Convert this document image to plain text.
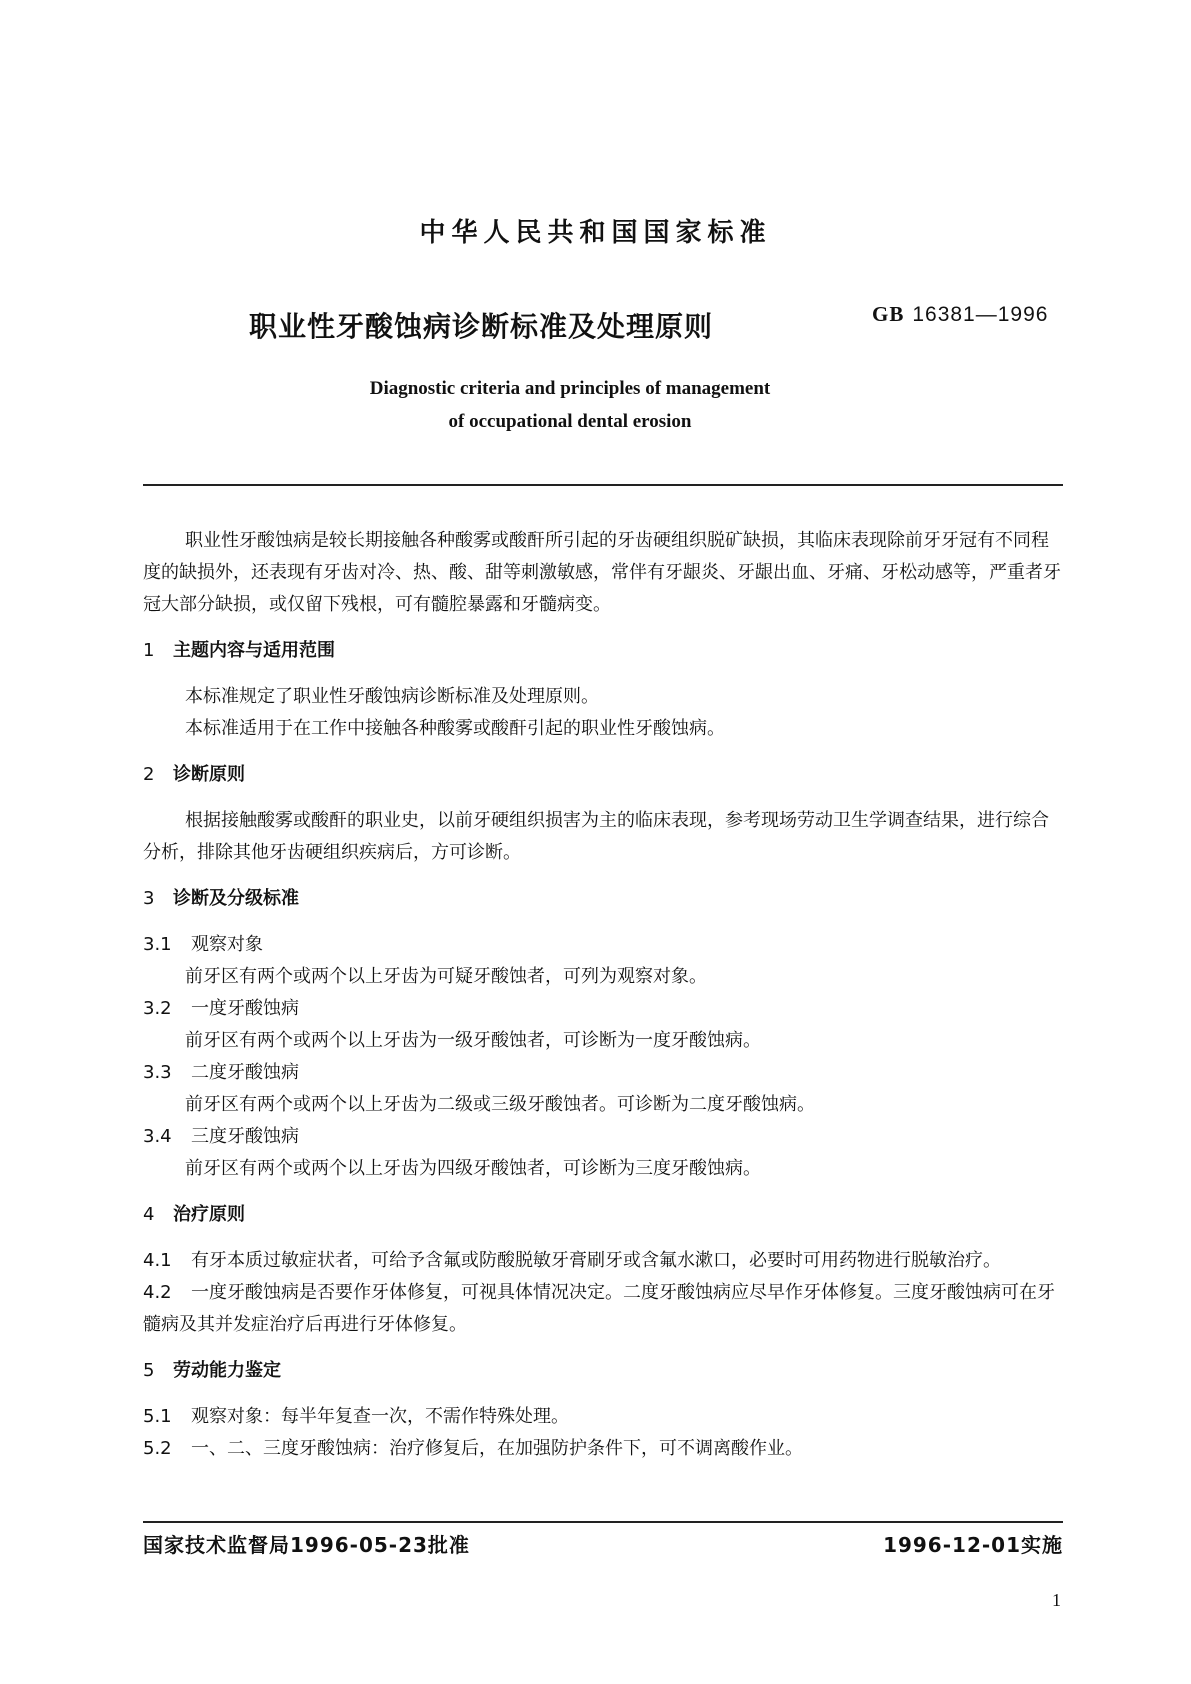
中华人民共和国国家标准
职业性牙酸蚀病诊断标准及处理原则	GB 16381—1996
Diagnostic criteria and principles of management
of occupational dental erosion

职业性牙酸蚀病是较长期接触各种酸雾或酸酐所引起的牙齿硬组织脱矿缺损，其临床表现除前牙牙冠有不同程度的缺损外，还表现有牙齿对冷、热、酸、甜等刺激敏感，常伴有牙龈炎、牙龈出血、牙痛、牙松动感等，严重者牙冠大部分缺损，或仅留下残根，可有髓腔暴露和牙髓病变。

1 主题内容与适用范围

本标准规定了职业性牙酸蚀病诊断标准及处理原则。

本标准适用于在工作中接触各种酸雾或酸酐引起的职业性牙酸蚀病。

2 诊断原则

根据接触酸雾或酸酐的职业史，以前牙硬组织损害为主的临床表现，参考现场劳动卫生学调查结果，进行综合分析，排除其他牙齿硬组织疾病后，方可诊断。

3 诊断及分级标准

3.1 观察对象

前牙区有两个或两个以上牙齿为可疑牙酸蚀者，可列为观察对象。

3.2 一度牙酸蚀病

前牙区有两个或两个以上牙齿为一级牙酸蚀者，可诊断为一度牙酸蚀病。

3.3 二度牙酸蚀病

前牙区有两个或两个以上牙齿为二级或三级牙酸蚀者。可诊断为二度牙酸蚀病。

3.4 三度牙酸蚀病

前牙区有两个或两个以上牙齿为四级牙酸蚀者，可诊断为三度牙酸蚀病。

4 治疗原则

4.1 有牙本质过敏症状者，可给予含氟或防酸脱敏牙膏刷牙或含氟水漱口，必要时可用药物进行脱敏治疗。

4.2 一度牙酸蚀病是否要作牙体修复，可视具体情况决定。二度牙酸蚀病应尽早作牙体修复。三度牙酸蚀病可在牙髓病及其并发症治疗后再进行牙体修复。

5 劳动能力鉴定

5.1 观察对象：每半年复查一次，不需作特殊处理。

5.2 一、二、三度牙酸蚀病：治疗修复后，在加强防护条件下，可不调离酸作业。

国家技术监督局1996-05-23批准	1996-12-01实施
1
